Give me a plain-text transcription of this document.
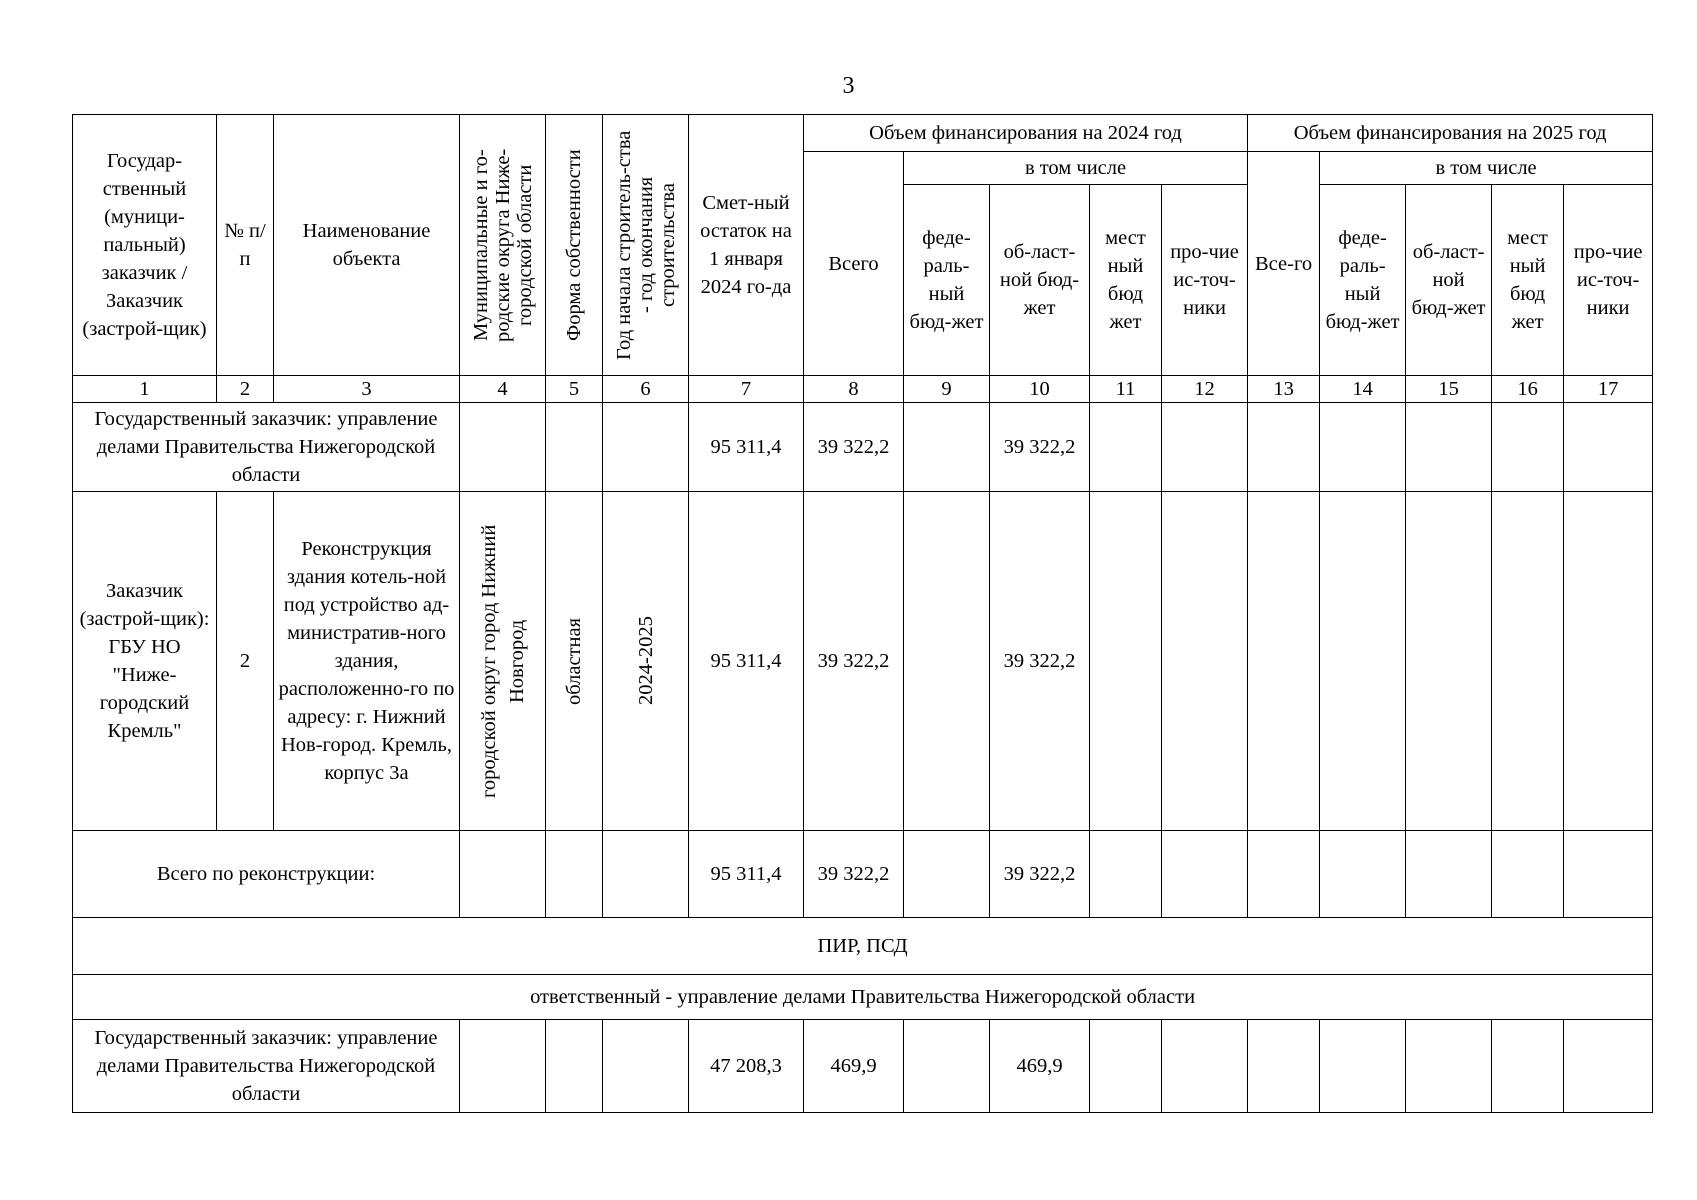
3
Государ-ственный (муници-пальный) заказчик / Заказчик (застрой-щик)	№ п/п	Наименование объекта	Муниципальные и го-родские округа Ниже-городской области	Форма собственности	Год начала строитель-ства - год окончания строительства	Смет-ный остаток на 1 января 2024 го-да	Объем финансирования на 2024 год					Объем финансирования на 2025 год				
							Всего	в том числе				Все-го	в том числе			
								феде-раль-ный бюд-жет	об-ласт-ной бюд-жет	мест ный бюд жет	про-чие ис-точ-ники		феде-раль-ный бюд-жет	об-ласт-ной бюд-жет	мест ный бюд жет	про-чие ис-точ-ники
1	2	3	4	5	6	7	8	9	10	11	12	13	14	15	16	17
Государственный заказчик: управление делами Правительства Нижегородской области						95 311,4	39 322,2		39 322,2							
Заказчик (застрой-щик): ГБУ НО "Ниже-городский Кремль"	2	Реконструкция здания котель-ной под устройство ад-министратив-ного здания, расположенно-го по адресу: г. Нижний Нов-город. Кремль, корпус 3а	городской округ город Нижний Новгород	областная	2024-2025	95 311,4	39 322,2		39 322,2							
Всего по реконструкции:						95 311,4	39 322,2		39 322,2							
ПИР, ПСД																
ответственный - управление делами Правительства Нижегородской области																
Государственный заказчик: управление делами Правительства Нижегородской области						47 208,3	469,9		469,9							
